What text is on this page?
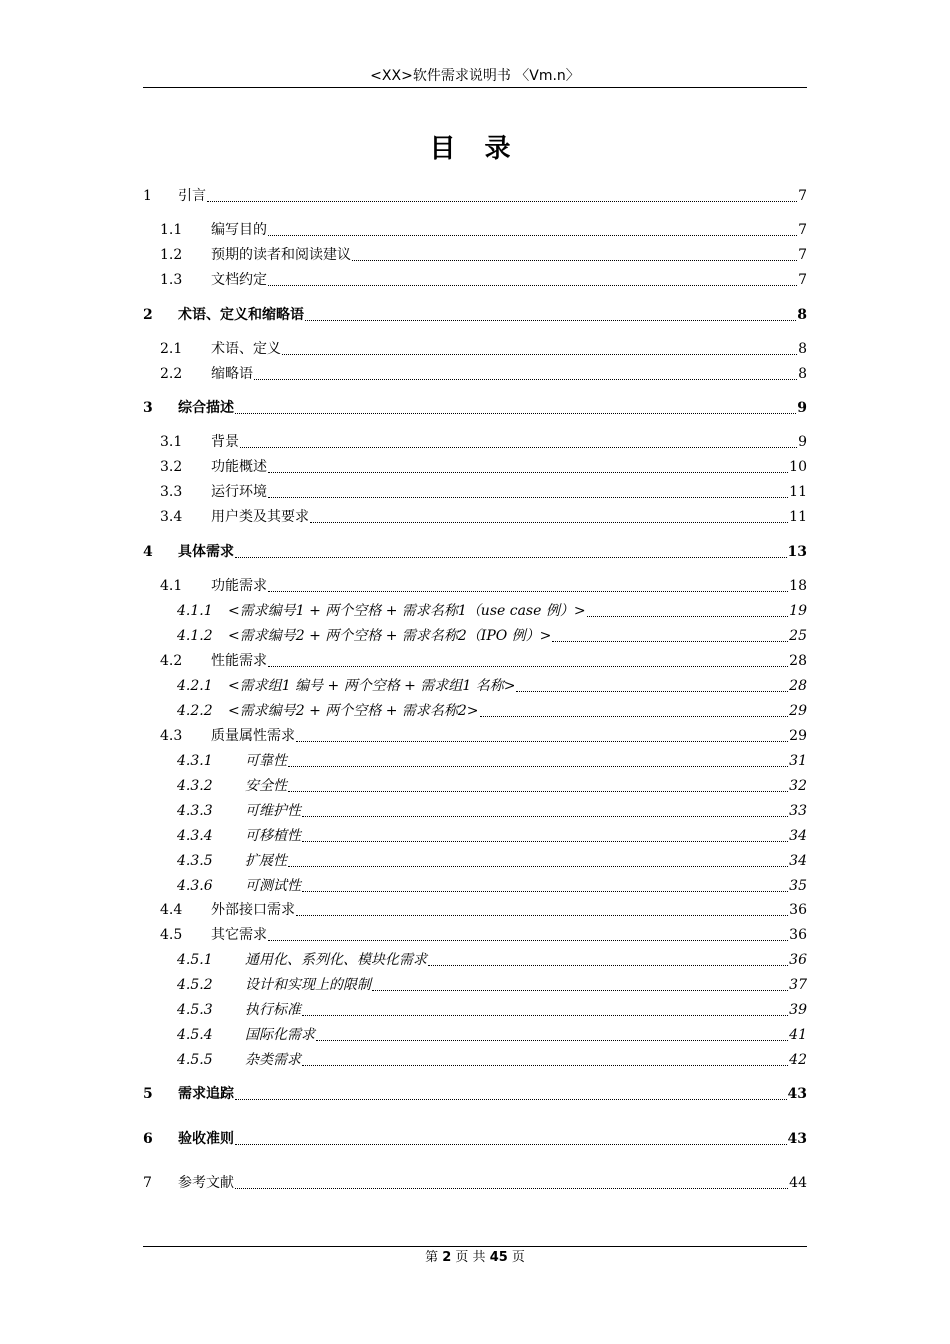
<XX>软件需求说明书 〈Vm.n〉
目 录
1	引言	7
1.1	编写目的	7
1.2	预期的读者和阅读建议	7
1.3	文档约定	7
2	术语、定义和缩略语	8
2.1	术语、定义	8
2.2	缩略语	8
3	综合描述	9
3.1	背景	9
3.2	功能概述	10
3.3	运行环境	11
3.4	用户类及其要求	11
4	具体需求	13
4.1	功能需求	18
4.1.1	<需求编号1 + 两个空格 + 需求名称1（use case 例）>	19
4.1.2	<需求编号2 + 两个空格 + 需求名称2（IPO 例）>	25
4.2	性能需求	28
4.2.1	<需求组1 编号 + 两个空格 + 需求组1 名称>	28
4.2.2	<需求编号2 + 两个空格 + 需求名称2>	29
4.3	质量属性需求	29
4.3.1	可靠性	31
4.3.2	安全性	32
4.3.3	可维护性	33
4.3.4	可移植性	34
4.3.5	扩展性	34
4.3.6	可测试性	35
4.4	外部接口需求	36
4.5	其它需求	36
4.5.1	通用化、系列化、模块化需求	36
4.5.2	设计和实现上的限制	37
4.5.3	执行标准	39
4.5.4	国际化需求	41
4.5.5	杂类需求	42
5	需求追踪	43
6	验收准则	43
7	参考文献	44
第 2 页 共 45 页
